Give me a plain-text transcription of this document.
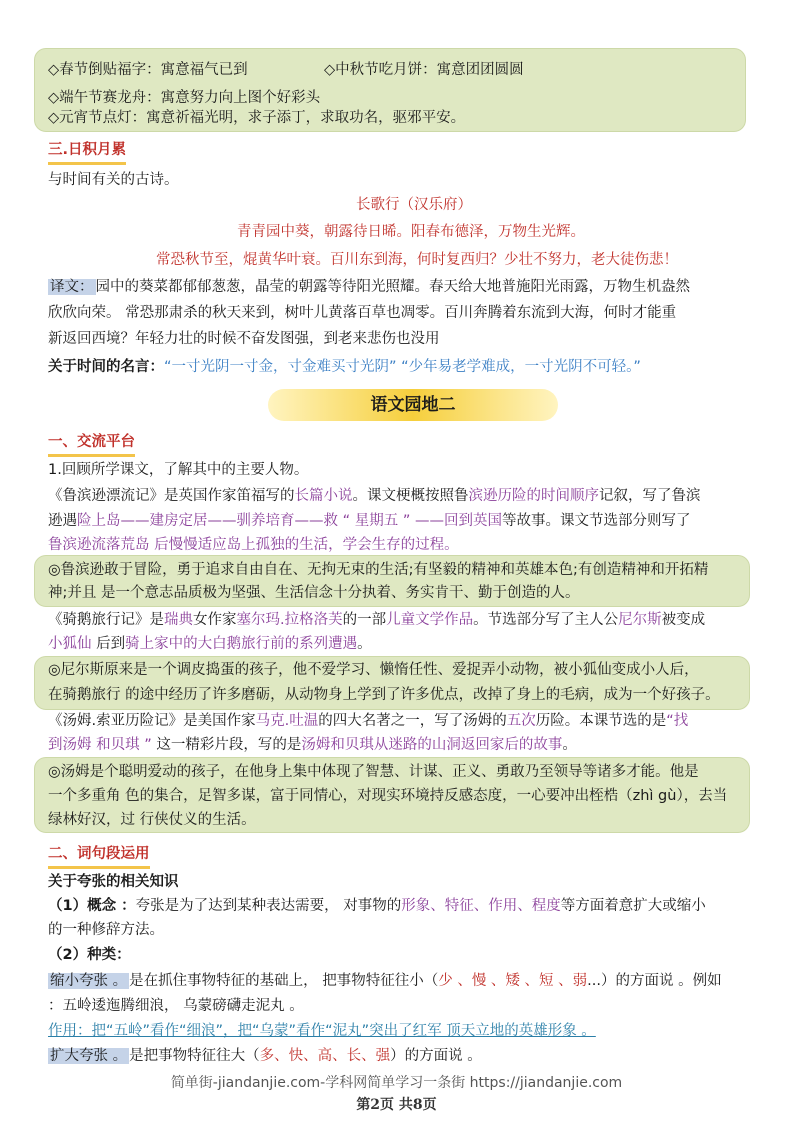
◇春节倒贴福字：寓意福气已到	◇中秋节吃月饼：寓意团团圆圆
◇端午节赛龙舟：寓意努力向上图个好彩头
◇元宵节点灯：寓意祈福光明，求子添丁，求取功名，驱邪平安。
三.日积月累
与时间有关的古诗。
长歌行（汉乐府）
青青园中葵，朝露待日晞。阳春布德泽，万物生光辉。
常恐秋节至，焜黄华叶衰。百川东到海，何时复西归？少壮不努力，老大徒伤悲！
译文： 园中的葵菜都郁郁葱葱，晶莹的朝露等待阳光照耀。春天给大地普施阳光雨露，万物生机盎然
欣欣向荣。 常恐那肃杀的秋天来到，树叶儿黄落百草也凋零。百川奔腾着东流到大海，何时才能重
新返回西境？年轻力壮的时候不奋发图强，到老来悲伤也没用
关于时间的名言：“一寸光阴一寸金，寸金难买寸光阴” “少年易老学难成，一寸光阴不可轻。”
语文园地二
一、交流平台
1.回顾所学课文，了解其中的主要人物。
《鲁滨逊漂流记》是英国作家笛福写的长篇小说。课文梗概按照鲁滨逊历险的时间顺序记叙，写了鲁滨
逊遇险上岛——建房定居——驯养培育——救 “ 星期五 ” ——回到英国等故事。课文节选部分则写了
鲁滨逊流落荒岛 后慢慢适应岛上孤独的生活，学会生存的过程。
◎鲁滨逊敢于冒险，勇于追求自由自在、无拘无束的生活;有坚毅的精神和英雄本色;有创造精神和开拓精
神;并且 是一个意志品质极为坚强、生活信念十分执着、务实肯干、勤于创造的人。
《骑鹅旅行记》是瑞典女作家塞尔玛.拉格洛芙的一部儿童文学作品。节选部分写了主人公尼尔斯被变成
小狐仙 后到骑上家中的大白鹅旅行前的系列遭遇。
◎尼尔斯原来是一个调皮捣蛋的孩子，他不爱学习、懒惰任性、爱捉弄小动物，被小狐仙变成小人后，
在骑鹅旅行 的途中经历了许多磨砺，从动物身上学到了许多优点，改掉了身上的毛病，成为一个好孩子。
《汤姆.索亚历险记》是美国作家马克.吐温的四大名著之一，写了汤姆的五次历险。本课节选的是“找
到汤姆 和贝琪 ” 这一精彩片段，写的是汤姆和贝琪从迷路的山洞返回家后的故事。
◎汤姆是个聪明爱动的孩子，在他身上集中体现了智慧、计谋、正义、勇敢乃至领导等诸多才能。他是
一个多重角 色的集合，足智多谋，富于同情心，对现实环境持反感态度，一心要冲出桎梏（zhì gù），去当
绿林好汉，过 行侠仗义的生活。
二、词句段运用
关于夸张的相关知识
（1）概念 ：夸张是为了达到某种表达需要， 对事物的形象、特征、作用、程度等方面着意扩大或缩小
的一种修辞方法。
（2）种类：
缩小夸张 。 是在抓住事物特征的基础上， 把事物特征往小（少 、慢 、矮 、短 、弱...）的方面说 。例如
：五岭逶迤腾细浪， 乌蒙磅礴走泥丸 。
作用：把“五岭”看作“细浪”，把“乌蒙”看作“泥丸”突出了红军 顶天立地的英雄形象 。
扩大夸张 。 是把事物特征往大（多、快、高、长、强）的方面说 。
简单街-jiandanjie.com-学科网简单学习一条街 https://jiandanjie.com
第2页 共8页
